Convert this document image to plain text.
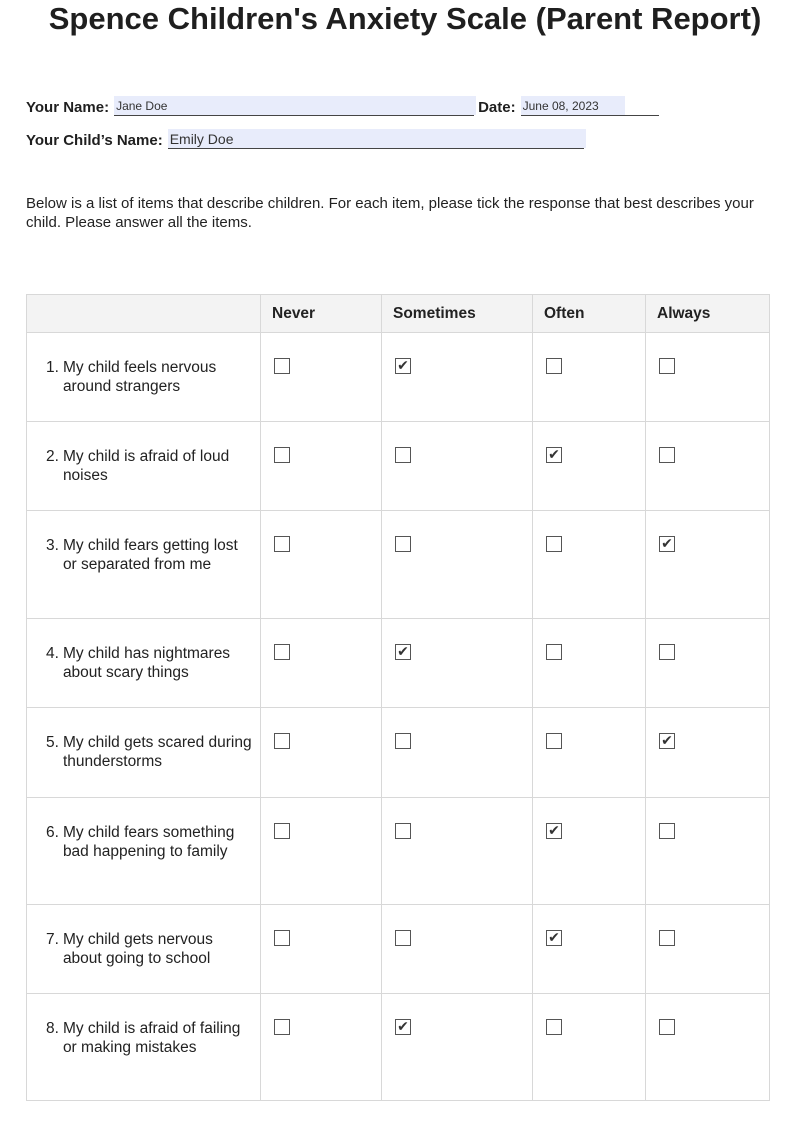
Spence Children's Anxiety Scale (Parent Report)
Your Name: Jane Doe	Date: June 08, 2023
Your Child’s Name: Emily Doe

Below is a list of items that describe children. For each item, please tick the response that best describes your child. Please answer all the items.

	Never	Sometimes	Often	Always

1. My child feels nervous around strangers		✔		

2. My child is afraid of loud noises			✔	

3. My child fears getting lost or separated from me				✔

4. My child has nightmares about scary things		✔		

5. My child gets scared during thunderstorms				✔

6. My child fears something bad happening to family			✔	

7. My child gets nervous about going to school			✔	

8. My child is afraid of failing or making mistakes		✔		
